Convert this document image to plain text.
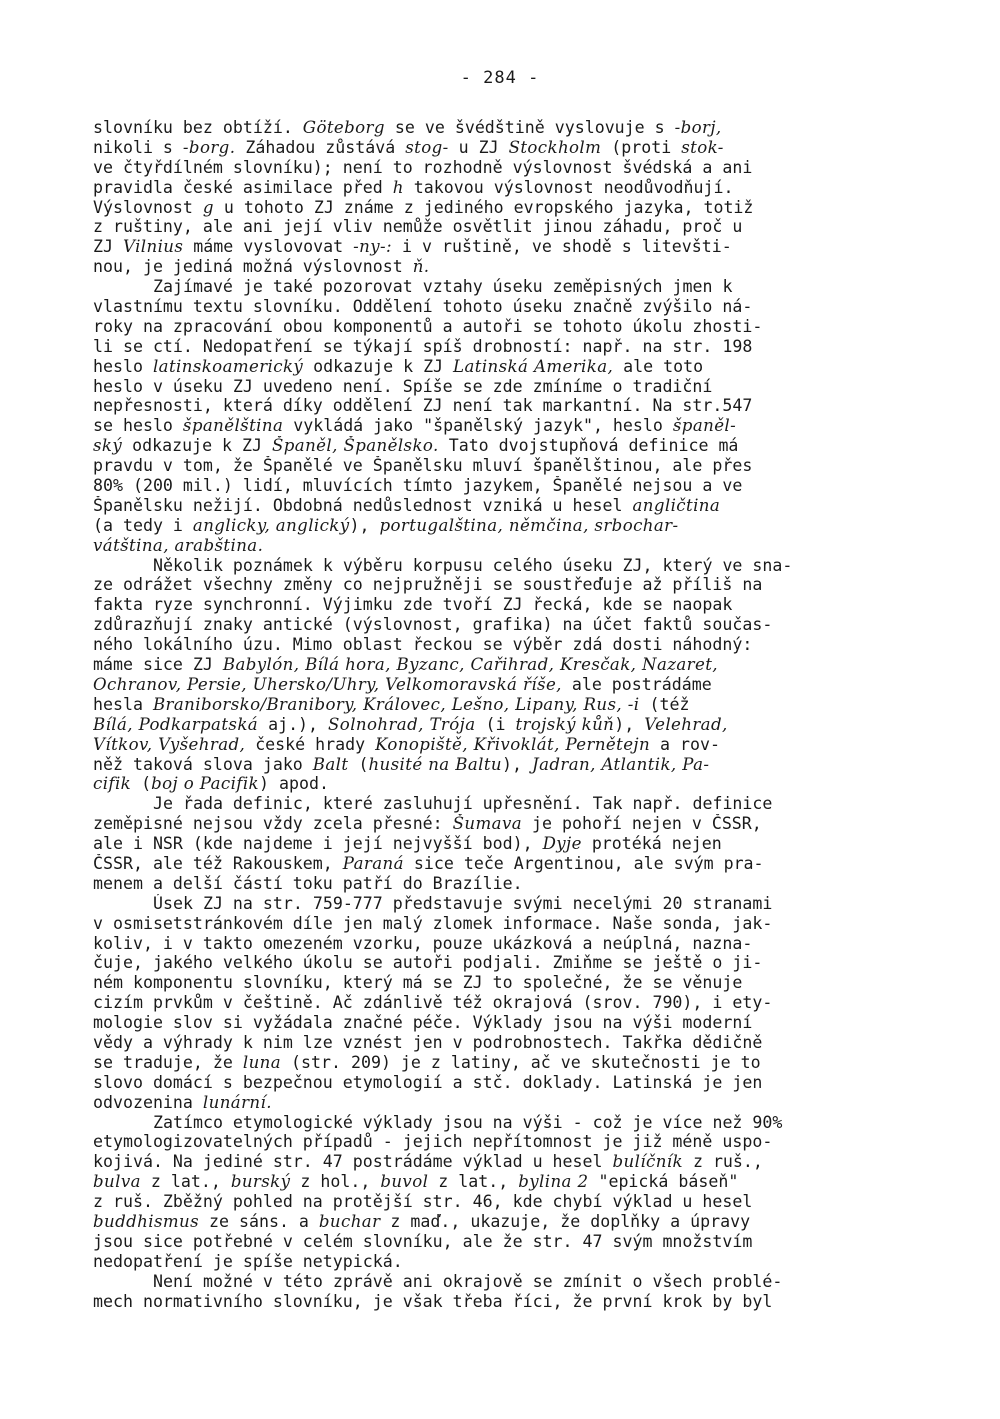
- 284 -
slovníku bez obtíží. Göteborg se ve švédštině vyslovuje s -borj,
nikoli s -borg. Záhadou zůstává stog- u ZJ Stockholm (proti stok-
ve čtyřdílném slovníku); není to rozhodně výslovnost švédská a ani
pravidla české asimilace před h takovou výslovnost neodůvodňují.
Výslovnost g u tohoto ZJ známe z jediného evropského jazyka, totiž
z ruštiny, ale ani její vliv nemůže osvětlit jinou záhadu, proč u
ZJ Vilnius máme vyslovovat -ny-: i v ruštině, ve shodě s litevšti-
nou, je jediná možná výslovnost ň.
Zajímavé je také pozorovat vztahy úseku zeměpisných jmen k
vlastnímu textu slovníku. Oddělení tohoto úseku značně zvýšilo ná-
roky na zpracování obou komponentů a autoři se tohoto úkolu zhosti-
li se ctí. Nedopatření se týkají spíš drobností: např. na str. 198
heslo latinskoamerický odkazuje k ZJ Latinská Amerika, ale toto
heslo v úseku ZJ uvedeno není. Spíše se zde zmíníme o tradiční
nepřesnosti, která díky oddělení ZJ není tak markantní. Na str.547
se heslo španělština vykládá jako "španělský jazyk", heslo španěl-
ský odkazuje k ZJ Španěl, Španělsko. Tato dvojstupňová definice má
pravdu v tom, že Španělé ve Španělsku mluví španělštinou, ale přes
80% (200 mil.) lidí, mluvících tímto jazykem, Španělé nejsou a ve
Španělsku nežijí. Obdobná nedůslednost vzniká u hesel angličtina
(a tedy i anglicky, anglický), portugalština, němčina, srbochar-
vátština, arabština.
Několik poznámek k výběru korpusu celého úseku ZJ, který ve sna-
ze odrážet všechny změny co nejpružněji se soustřeďuje až příliš na
fakta ryze synchronní. Výjimku zde tvoří ZJ řecká, kde se naopak
zdůrazňují znaky antické (výslovnost, grafika) na účet faktů součas-
ného lokálního úzu. Mimo oblast řeckou se výběr zdá dosti náhodný:
máme sice ZJ Babylón, Bílá hora, Byzanc, Cařihrad, Kresčak, Nazaret,
Ochranov, Persie, Uhersko/Uhry, Velkomoravská říše, ale postrádáme
hesla Braniborsko/Branibory, Královec, Lešno, Lipany, Rus, -i (též
Bílá, Podkarpatská aj.), Solnohrad, Trója (i trojský kůň), Velehrad,
Vítkov, Vyšehrad, české hrady Konopiště, Křivoklát, Perněteјn a rov-
něž taková slova jako Balt (husité na Baltu), Jadran, Atlantik, Pa-
cifik (boj o Pacifik) apod.
Je řada definic, které zasluhují upřesnění. Tak např. definice
zeměpisné nejsou vždy zcela přesné: Šumava je pohoří nejen v ČSSR,
ale i NSR (kde najdeme i její nejvyšší bod), Dyje protéká nejen
ČSSR, ale též Rakouskem, Paraná sice teče Argentinou, ale svým pra-
menem a delší částí toku patří do Brazílie.
Úsek ZJ na str. 759-777 představuje svými necelými 20 stranami
v osmisetstránkovém díle jen malý zlomek informace. Naše sonda, jak-
koliv, i v takto omezeném vzorku, pouze ukázková a neúplná, nazna-
čuje, jakého velkého úkolu se autoři podjali. Zmiňme se ještě o ji-
ném komponentu slovníku, který má se ZJ to společné, že se věnuje
cizím prvkům v češtině. Ač zdánlivě též okrajová (srov. 790), i ety-
mologie slov si vyžádala značné péče. Výklady jsou na výši moderní
vědy a výhrady k nim lze vznést jen v podrobnostech. Takřka dědičně
se traduje, že luna (str. 209) je z latiny, ač ve skutečnosti je to
slovo domácí s bezpečnou etymologií a stč. doklady. Latinská je jen
odvozenina lunární.
Zatímco etymologické výklady jsou na výši - což je více než 90%
etymologizovatelných případů - jejich nepřítomnost je již méně uspo-
kojivá. Na jediné str. 47 postrádáme výklad u hesel bulíčník z ruš.,
bulva z lat., burský z hol., buvol z lat., bylina 2 "epická báseň"
z ruš. Zběžný pohled na protější str. 46, kde chybí výklad u hesel
buddhismus ze sáns. a buchar z maď., ukazuje, že doplňky a úpravy
jsou sice potřebné v celém slovníku, ale že str. 47 svým množstvím
nedopatření je spíše netypická.
Není možné v této zprávě ani okrajově se zmínit o všech problé-
mech normativního slovníku, je však třeba říci, že první krok by byl
